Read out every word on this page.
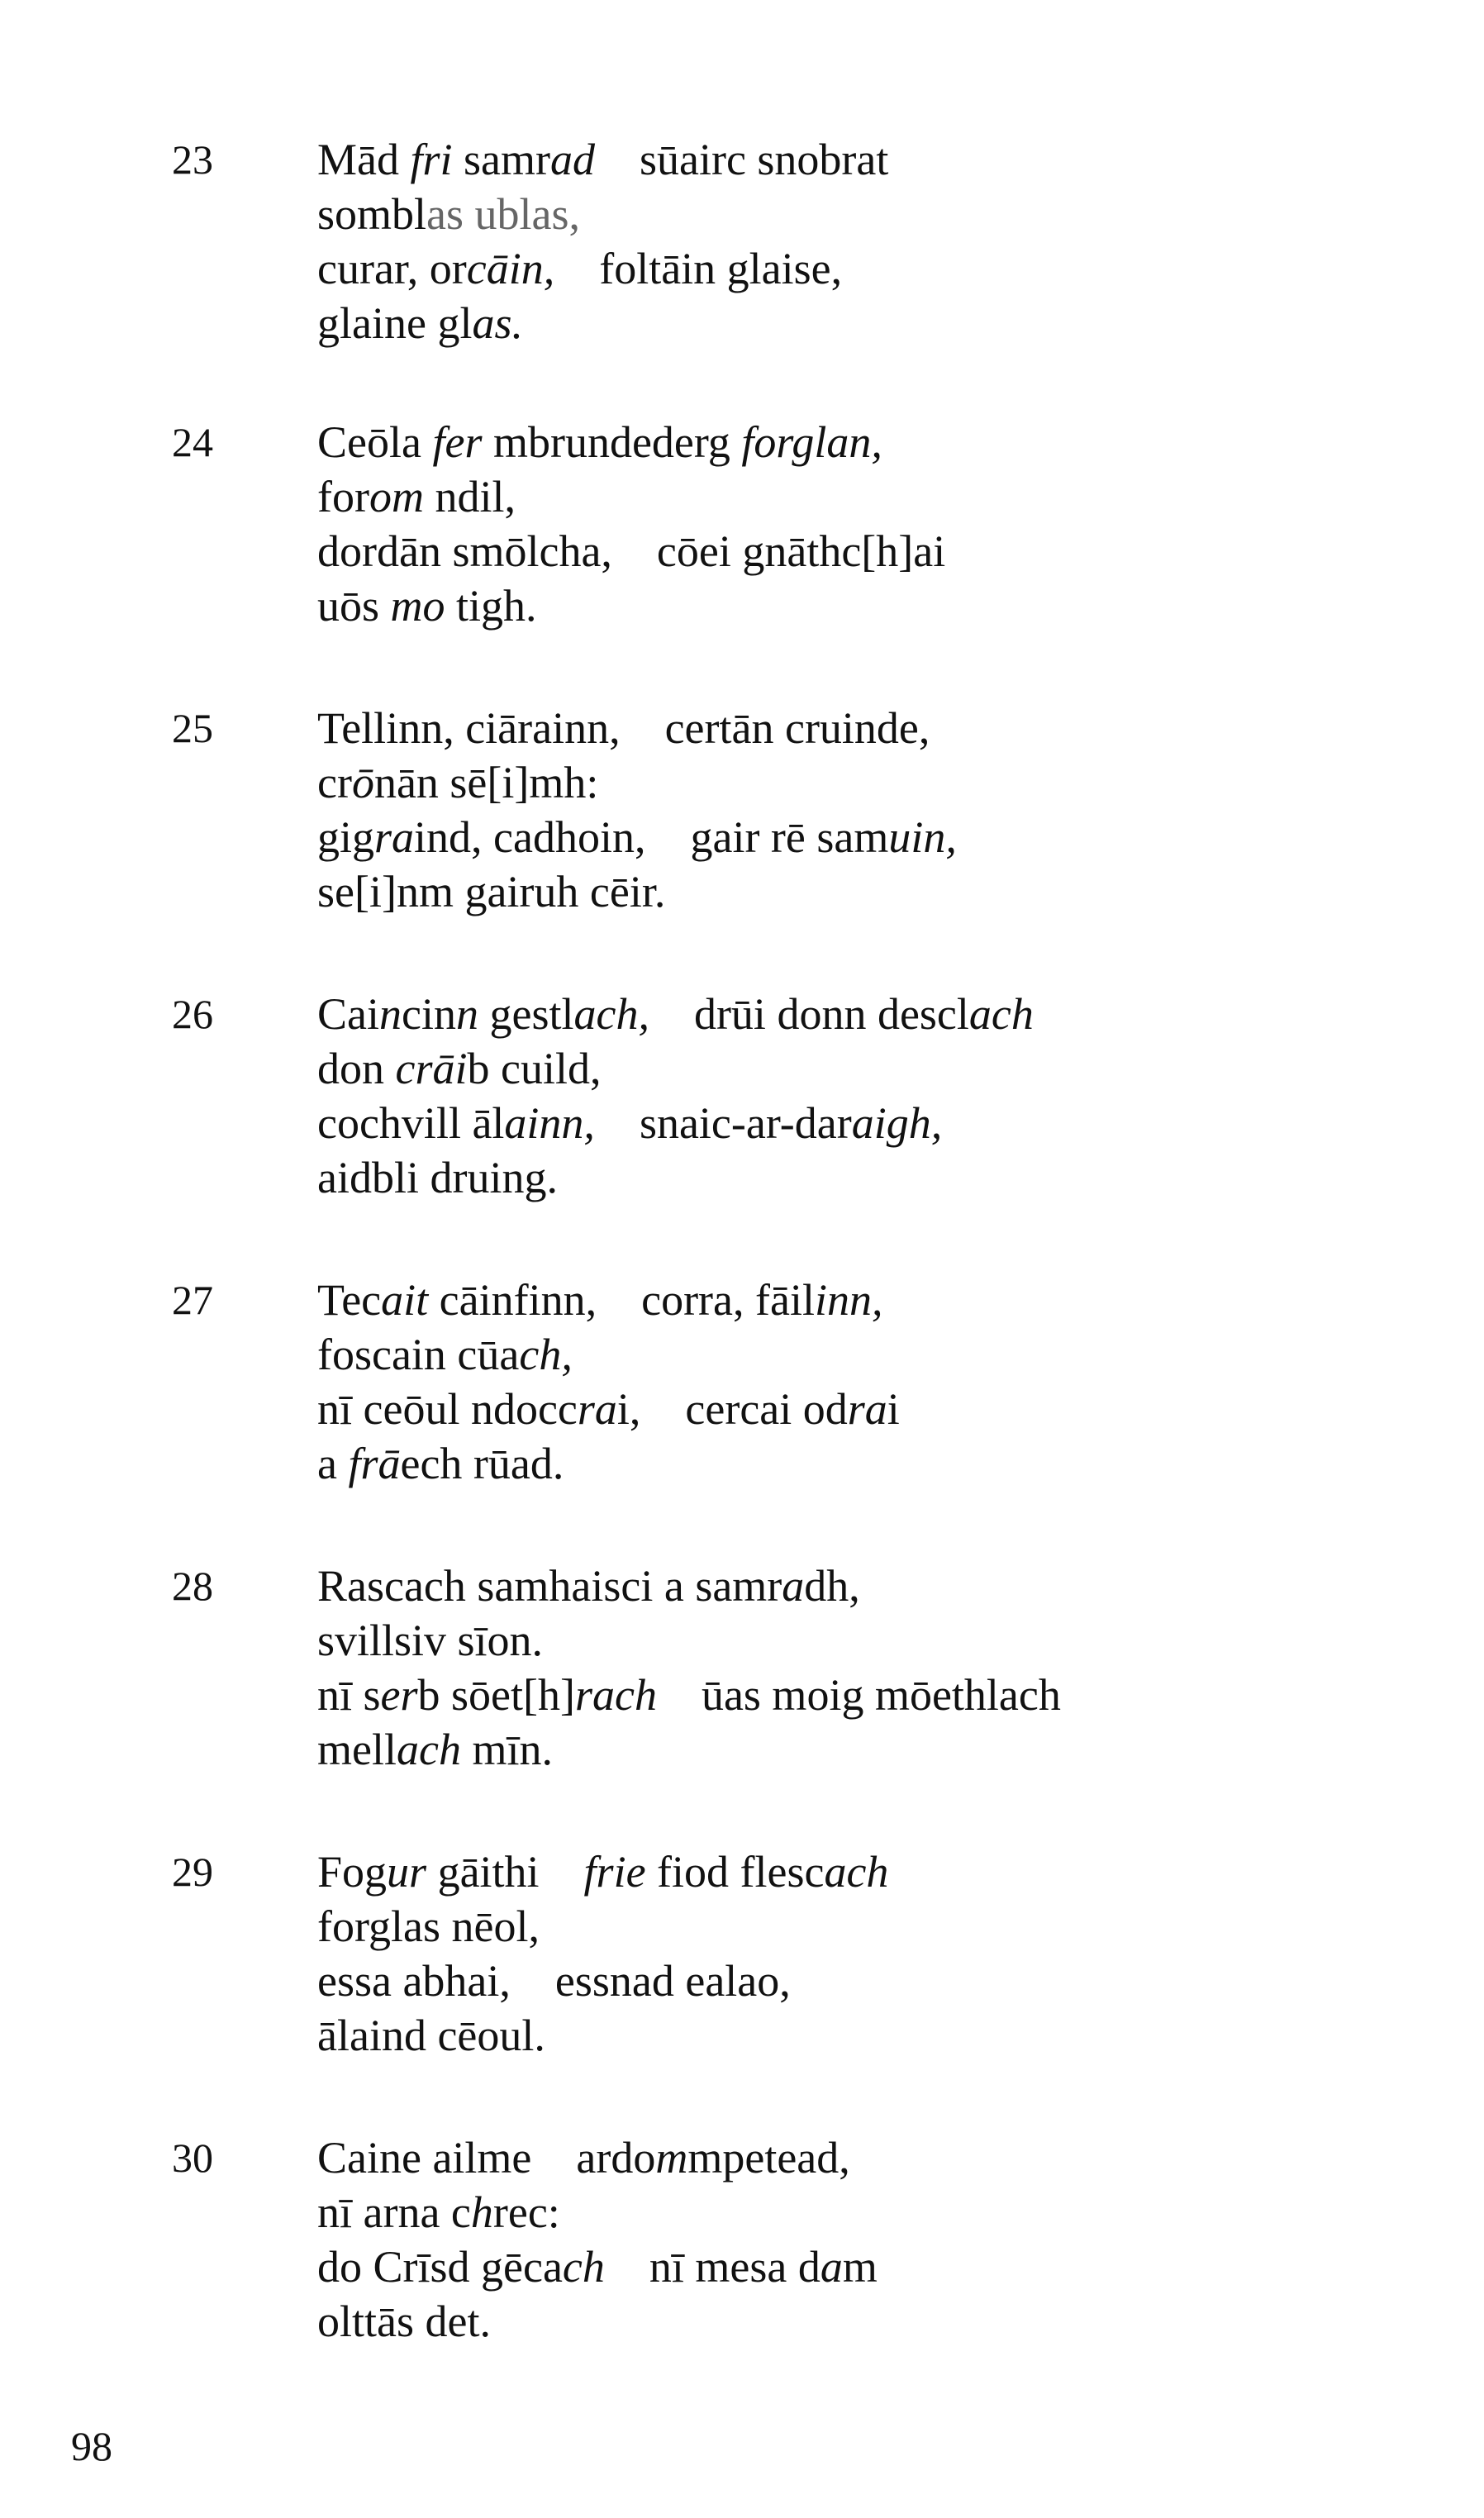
23 Mād fri samrad    sūairc snobrat
somblas ublas,
curar, orcāin,    foltāin glaise,
glaine glas.
24 Ceōla fer mbrundederg forglan,
forom ndil,
dordān smōlcha,    cōei gnāthc[h]ai
uōs mo tigh.
25 Tellinn, ciārainn,    certān cruinde,
crōnān sē[i]mh:
gigraind, cadhoin,    gair rē samuin,
se[i]nm gairuh cēir.
26 Caincinn gestlach,    drūi donn desclach
don crāib cuild,
cochvill ālainn,    snaic-ar-daraigh,
aidbli druing.
27 Tecait cāinfinn,    corra, fāilinn,
foscain cūach,
nī ceōul ndoccrai,    cercai odrai
a frāech rūad.
28 Rascach samhaisci a samradh,
svillsiv sīon.
nī serb sōet[h]rach    ūas moig mōethlach
mellach mīn.
29 Fogur gāithi    frie fiod flescach
forglas nēol,
essa abhai,    essnad ealao,
ālaind cēoul.
30 Caine ailme    ardommpetead,
nī arna chrec:
do Crīsd gēcach    nī mesa dam
olttās det.
98
